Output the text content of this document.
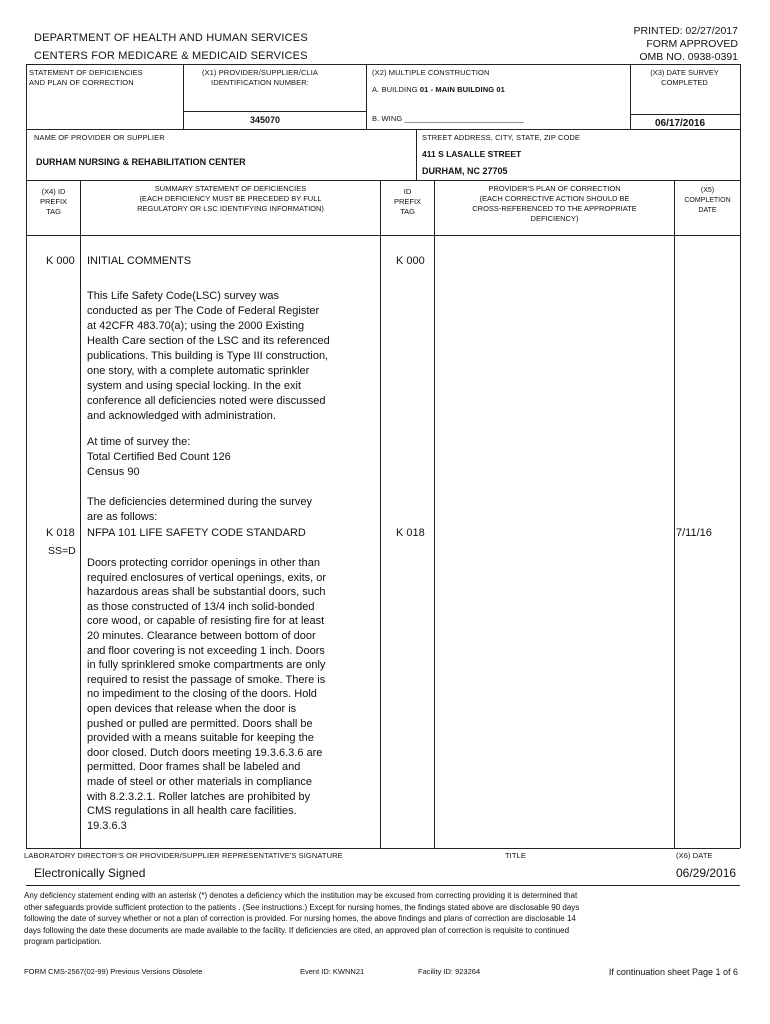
DEPARTMENT OF HEALTH AND HUMAN SERVICES
CENTERS FOR MEDICARE & MEDICAID SERVICES
PRINTED: 02/27/2017
FORM APPROVED
OMB NO. 0938-0391
STATEMENT OF DEFICIENCIES
AND PLAN OF CORRECTION
(X1) PROVIDER/SUPPLIER/CLIA
IDENTIFICATION NUMBER:
345070
(X2) MULTIPLE CONSTRUCTION
A. BUILDING 01 - MAIN BUILDING 01
B. WING ____________________________
(X3) DATE SURVEY
COMPLETED
06/17/2016
NAME OF PROVIDER OR SUPPLIER
DURHAM NURSING & REHABILITATION CENTER
STREET ADDRESS, CITY, STATE, ZIP CODE
411 S LASALLE STREET
DURHAM, NC 27705
(X4) ID
PREFIX
TAG
SUMMARY STATEMENT OF DEFICIENCIES
(EACH DEFICIENCY MUST BE PRECEDED BY FULL
REGULATORY OR LSC IDENTIFYING INFORMATION)
ID
PREFIX
TAG
PROVIDER'S PLAN OF CORRECTION
(EACH CORRECTIVE ACTION SHOULD BE
CROSS-REFERENCED TO THE APPROPRIATE
DEFICIENCY)
(X5)
COMPLETION
DATE
K 000 INITIAL COMMENTS	K 000
This Life Safety Code(LSC) survey was
conducted as per The Code of Federal Register
at 42CFR 483.70(a); using the 2000 Existing
Health Care section of the LSC and its referenced
publications. This building is Type III construction,
one story, with a complete automatic sprinkler
system and using special locking. In the exit
conference all deficiencies noted were discussed
and acknowledged with administration.
At time of survey the:
Total Certified Bed Count 126
Census 90
The deficiencies determined during the survey
are as follows:
K 018
SS=D
NFPA 101 LIFE SAFETY CODE STANDARD	K 018	7/11/16
Doors protecting corridor openings in other than
required enclosures of vertical openings, exits, or
hazardous areas shall be substantial doors, such
as those constructed of 13/4 inch solid-bonded
core wood, or capable of resisting fire for at least
20 minutes. Clearance between bottom of door
and floor covering is not exceeding 1 inch. Doors
in fully sprinklered smoke compartments are only
required to resist the passage of smoke. There is
no impediment to the closing of the doors. Hold
open devices that release when the door is
pushed or pulled are permitted. Doors shall be
provided with a means suitable for keeping the
door closed. Dutch doors meeting 19.3.6.3.6 are
permitted. Door frames shall be labeled and
made of steel or other materials in compliance
with 8.2.3.2.1. Roller latches are prohibited by
CMS regulations in all health care facilities.
19.3.6.3
LABORATORY DIRECTOR'S OR PROVIDER/SUPPLIER REPRESENTATIVE'S SIGNATURE
Electronically Signed
TITLE	(X6) DATE
06/29/2016
Any deficiency statement ending with an asterisk (*) denotes a deficiency which the institution may be excused from correcting providing it is determined that
other safeguards provide sufficient protection to the patients . (See instructions.) Except for nursing homes, the findings stated above are disclosable 90 days
following the date of survey whether or not a plan of correction is provided. For nursing homes, the above findings and plans of correction are disclosable 14
days following the date these documents are made available to the facility. If deficiencies are cited, an approved plan of correction is requisite to continued
program participation.
FORM CMS-2567(02-99) Previous Versions Obsolete	Event ID: KWNN21	Facility ID: 923264	If continuation sheet Page 1 of 6
